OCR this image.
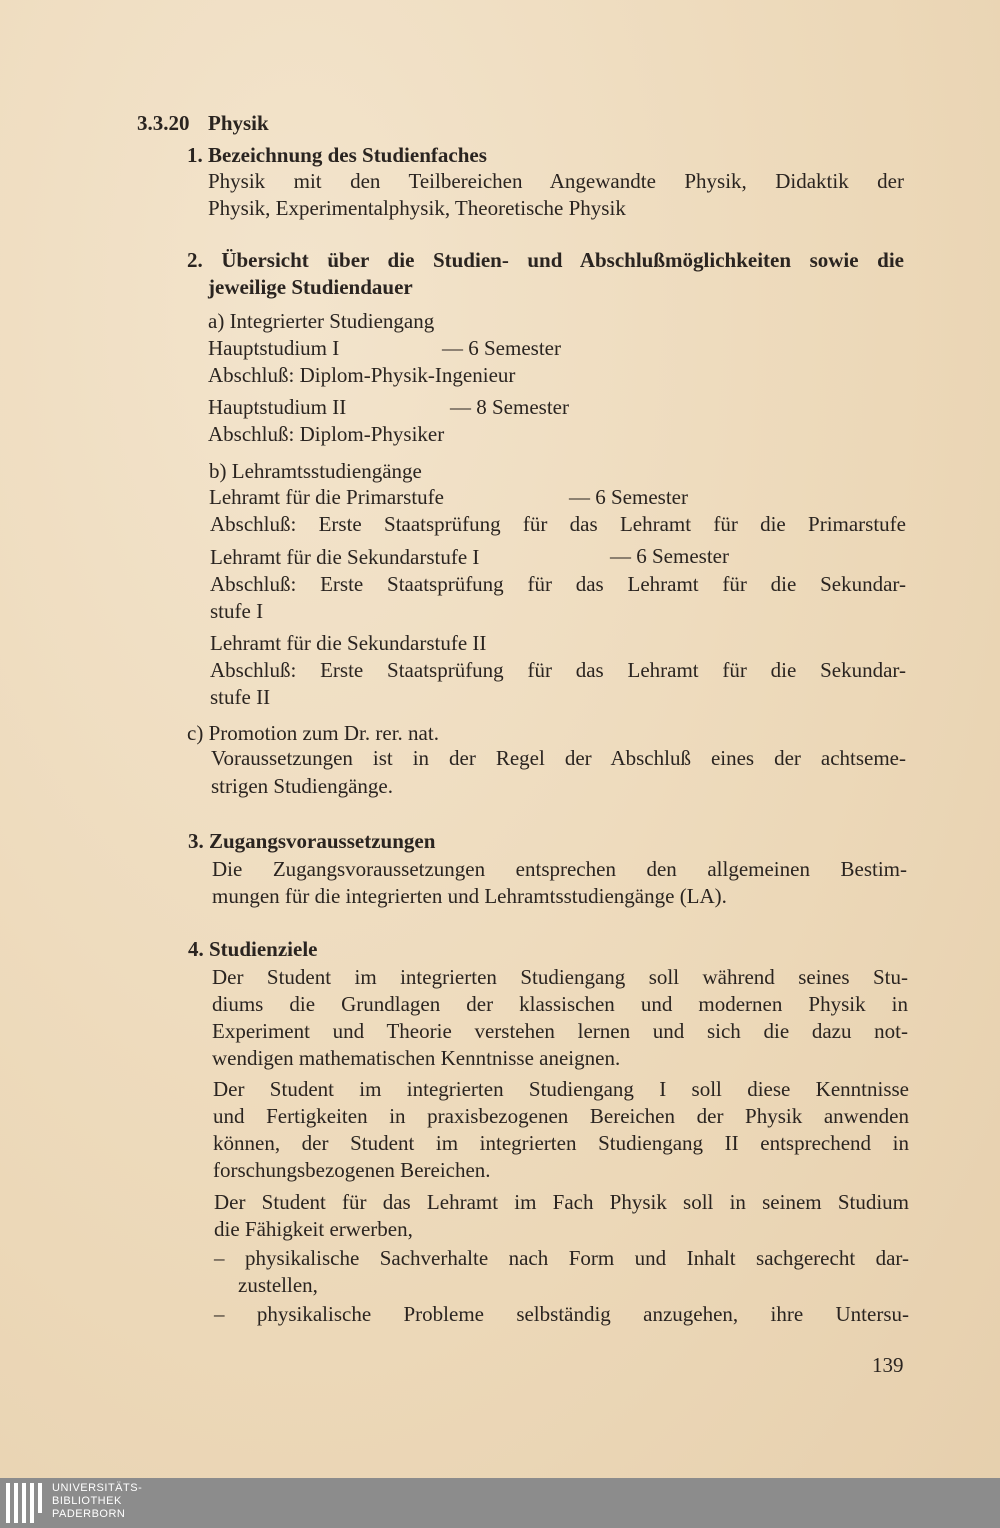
3.3.20 Physik
1. Bezeichnung des Studienfaches
Physik mit den Teilbereichen Angewandte Physik, Didaktik der
Physik, Experimentalphysik, Theoretische Physik
2. Übersicht über die Studien- und Abschlußmöglichkeiten sowie die
jeweilige Studiendauer
a) Integrierter Studiengang
Hauptstudium I	— 6 Semester
Abschluß: Diplom-Physik-Ingenieur
Hauptstudium II	— 8 Semester
Abschluß: Diplom-Physiker
b) Lehramtsstudiengänge
Lehramt für die Primarstufe	— 6 Semester
Abschluß: Erste Staatsprüfung für das Lehramt für die Primarstufe
Lehramt für die Sekundarstufe I	— 6 Semester
Abschluß: Erste Staatsprüfung für das Lehramt für die Sekundar-
stufe I
Lehramt für die Sekundarstufe II
Abschluß: Erste Staatsprüfung für das Lehramt für die Sekundar-
stufe II
c) Promotion zum Dr. rer. nat.
Voraussetzungen ist in der Regel der Abschluß eines der achtseme-
strigen Studiengänge.
3. Zugangsvoraussetzungen
Die Zugangsvoraussetzungen entsprechen den allgemeinen Bestim-
mungen für die integrierten und Lehramtsstudiengänge (LA).
4. Studienziele
Der Student im integrierten Studiengang soll während seines Stu-
diums die Grundlagen der klassischen und modernen Physik in
Experiment und Theorie verstehen lernen und sich die dazu not-
wendigen mathematischen Kenntnisse aneignen.
Der Student im integrierten Studiengang I soll diese Kenntnisse
und Fertigkeiten in praxisbezogenen Bereichen der Physik anwenden
können, der Student im integrierten Studiengang II entsprechend in
forschungsbezogenen Bereichen.
Der Student für das Lehramt im Fach Physik soll in seinem Studium
die Fähigkeit erwerben,
– physikalische Sachverhalte nach Form und Inhalt sachgerecht dar-
zustellen,
– physikalische Probleme selbständig anzugehen, ihre Untersu-
139
UNIVERSITÄTS-
BIBLIOTHEK
PADERBORN
